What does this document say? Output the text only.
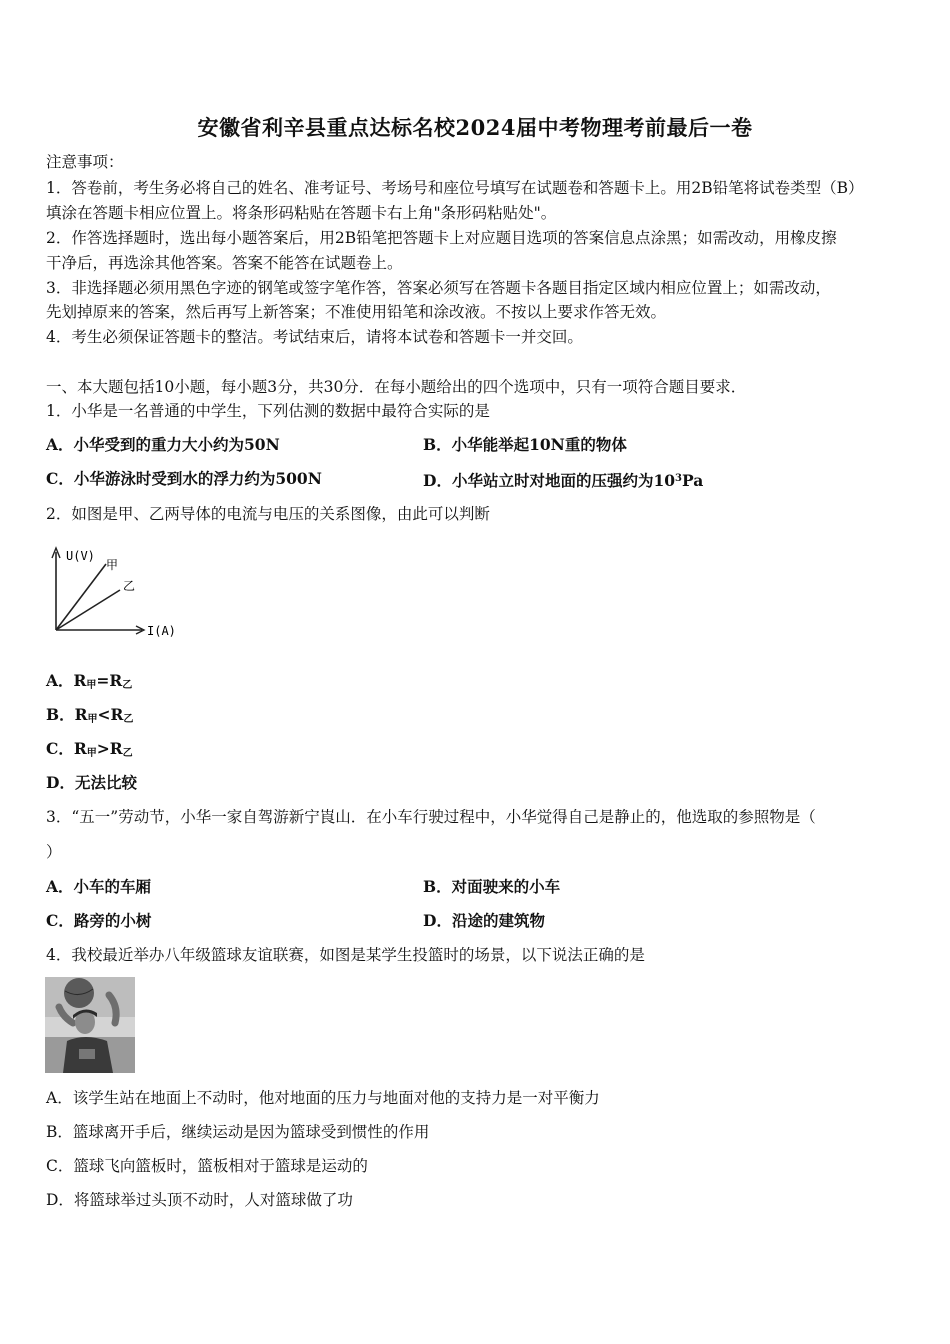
安徽省利辛县重点达标名校2024届中考物理考前最后一卷
注意事项：
1．答卷前，考生务必将自己的姓名、准考证号、考场号和座位号填写在试题卷和答题卡上。用2B铅笔将试卷类型（B）
填涂在答题卡相应位置上。将条形码粘贴在答题卡右上角"条形码粘贴处"。
2．作答选择题时，选出每小题答案后，用2B铅笔把答题卡上对应题目选项的答案信息点涂黑；如需改动，用橡皮擦
干净后，再选涂其他答案。答案不能答在试题卷上。
3．非选择题必须用黑色字迹的钢笔或签字笔作答，答案必须写在答题卡各题目指定区域内相应位置上；如需改动，
先划掉原来的答案，然后再写上新答案；不准使用铅笔和涂改液。不按以上要求作答无效。
4．考生必须保证答题卡的整洁。考试结束后，请将本试卷和答题卡一并交回。
一、本大题包括10小题，每小题3分，共30分．在每小题给出的四个选项中，只有一项符合题目要求．
1．小华是一名普通的中学生，下列估测的数据中最符合实际的是
A．小华受到的重力大小约为50N	B．小华能举起10N重的物体
C．小华游泳时受到水的浮力约为500N	D．小华站立时对地面的压强约为$10^3Pa$
2．如图是甲、乙两导体的电流与电压的关系图像，由此可以判断
U(V)
I(A)
甲
乙
A．$R_甲=R_乙$
B．$R_甲<R_乙$
C．$R_甲>R_乙$
D．无法比较
3．“五一”劳动节，小华一家自驾游新宁崀山．在小车行驶过程中，小华觉得自己是静止的，他选取的参照物是（
）
A．小车的车厢	B．对面驶来的小车
C．路旁的小树	D．沿途的建筑物
4．我校最近举办八年级篮球友谊联赛，如图是某学生投篮时的场景，以下说法正确的是
A．该学生站在地面上不动时，他对地面的压力与地面对他的支持力是一对平衡力
B．篮球离开手后，继续运动是因为篮球受到惯性的作用
C．篮球飞向篮板时，篮板相对于篮球是运动的
D．将篮球举过头顶不动时，人对篮球做了功
